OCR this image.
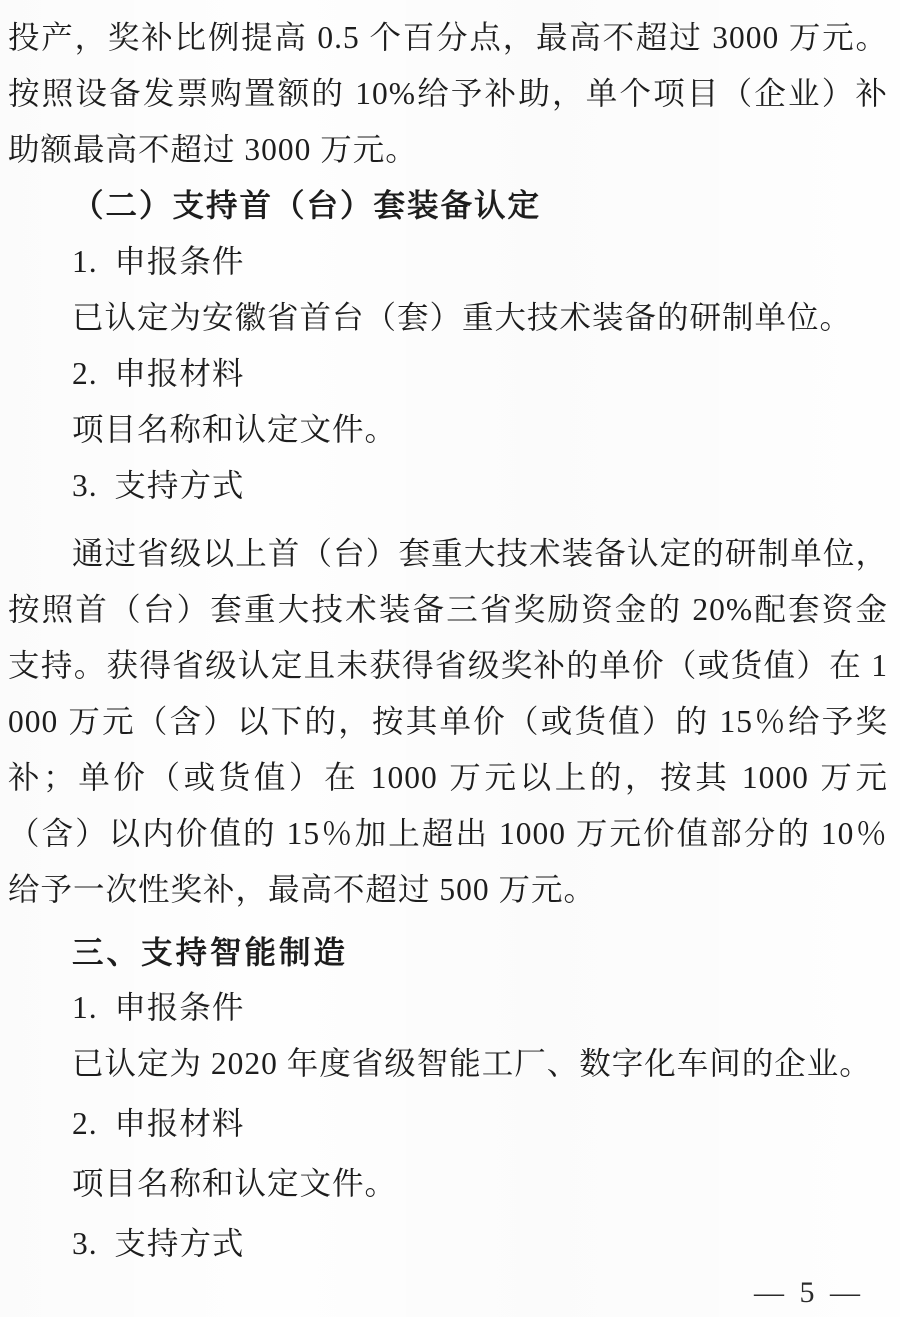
投产，奖补比例提高 0.5 个百分点，最高不超过 3000 万元。按照设备发票购置额的 10%给予补助，单个项目（企业）补助额最高不超过 3000 万元。

（二）支持首（台）套装备认定

1. 申报条件

已认定为安徽省首台（套）重大技术装备的研制单位。

2. 申报材料

项目名称和认定文件。

3. 支持方式

通过省级以上首（台）套重大技术装备认定的研制单位，按照首（台）套重大技术装备三省奖励资金的 20%配套资金支持。获得省级认定且未获得省级奖补的单价（或货值）在 1000 万元（含）以下的，按其单价（或货值）的 15％给予奖补；单价（或货值）在 1000 万元以上的，按其 1000 万元（含）以内价值的 15％加上超出 1000 万元价值部分的 10％给予一次性奖补，最高不超过 500 万元。

三、支持智能制造

1. 申报条件

已认定为 2020 年度省级智能工厂、数字化车间的企业。

2. 申报材料

项目名称和认定文件。

3. 支持方式

— 5 —
